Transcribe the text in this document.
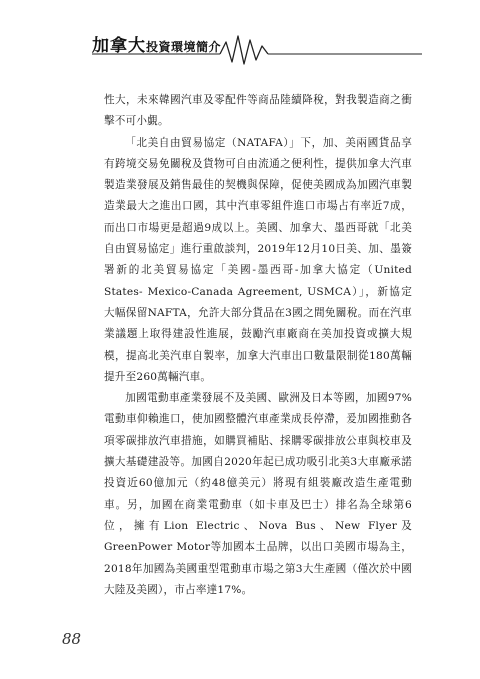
加拿大投資環境簡介

性大，未來韓國汽車及零配件等商品陸續降稅，對我製造商之衝擊不可小覷。

「北美自由貿易協定（NATAFA）」下，加、美兩國貨品享有跨境交易免關稅及貨物可自由流通之便利性，提供加拿大汽車製造業發展及銷售最佳的契機與保障，促使美國成為加國汽車製造業最大之進出口國，其中汽車零組件進口市場占有率近7成，而出口市場更是超過9成以上。美國、加拿大、墨西哥就「北美自由貿易協定」進行重啟談判，2019年12月10日美、加、墨簽署新的北美貿易協定「美國-墨西哥-加拿大協定（United States- Mexico-Canada Agreement, USMCA）」，新協定大幅保留NAFTA，允許大部分貨品在3國之間免關稅。而在汽車業議題上取得建設性進展，鼓勵汽車廠商在美加投資或擴大規模，提高北美汽車自製率，加拿大汽車出口數量限制從180萬輛提升至260萬輛汽車。

加國電動車產業發展不及美國、歐洲及日本等國，加國97%電動車仰賴進口，使加國整體汽車產業成長停滯，爰加國推動各項零碳排放汽車措施，如購買補貼、採購零碳排放公車與校車及擴大基礎建設等。加國自2020年起已成功吸引北美3大車廠承諾投資近60億加元（約48億美元）將現有組裝廠改造生產電動車。另，加國在商業電動車（如卡車及巴士）排名為全球第6位，擁有Lion Electric、Nova Bus、New Flyer及GreenPower Motor等加國本土品牌，以出口美國市場為主，2018年加國為美國重型電動車市場之第3大生產國（僅次於中國大陸及美國），市占率達17%。

88
